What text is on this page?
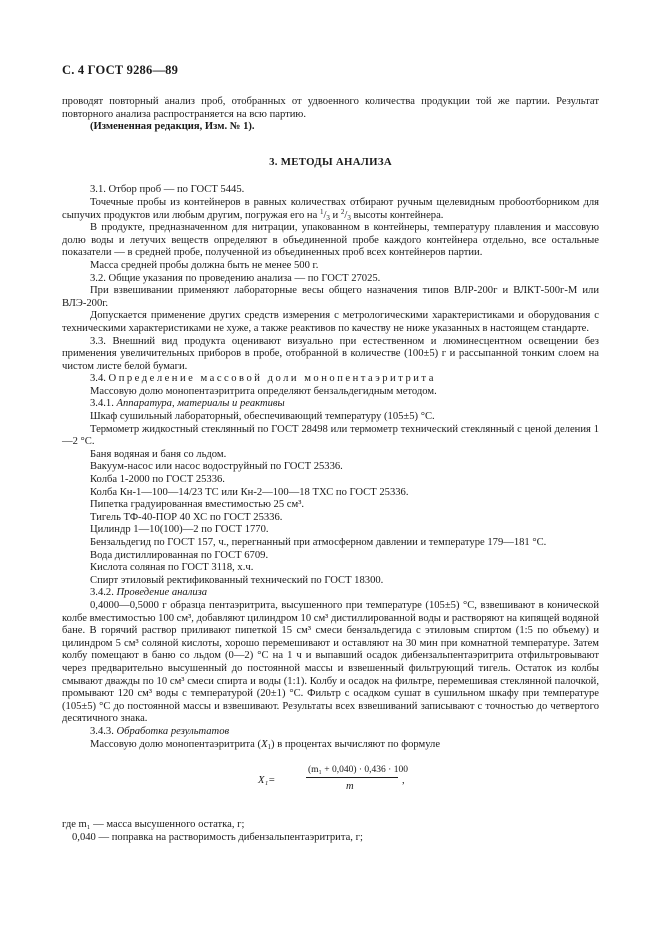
С. 4 ГОСТ 9286—89

проводят повторный анализ проб, отобранных от удвоенного количества продукции той же партии. Результат повторного анализа распространяется на всю партию.

(Измененная редакция, Изм. № 1).

3. МЕТОДЫ АНАЛИЗА

3.1. Отбор проб — по ГОСТ 5445.

Точечные пробы из контейнеров в равных количествах отбирают ручным щелевидным пробоотборником для сыпучих продуктов или любым другим, погружая его на $^1/_3$ и $^2/_3$ высоты контейнера.

В продукте, предназначенном для нитрации, упакованном в контейнеры, температуру плавления и массовую долю воды и летучих веществ определяют в объединенной пробе каждого контейнера отдельно, все остальные показатели — в средней пробе, полученной из объединенных проб всех контейнеров партии.

Масса средней пробы должна быть не менее 500 г.

3.2. Общие указания по проведению анализа — по ГОСТ 27025.

При взвешивании применяют лабораторные весы общего назначения типов ВЛР-200г и ВЛКТ-500г-М или ВЛЭ-200г.

Допускается применение других средств измерения с метрологическими характеристиками и оборудования с техническими характеристиками не хуже, а также реактивов по качеству не ниже указанных в настоящем стандарте.

3.3. Внешний вид продукта оценивают визуально при естественном и люминесцентном освещении без применения увеличительных приборов в пробе, отобранной в количестве (100±5) г и рассыпанной тонким слоем на чистом листе белой бумаги.

3.4. Определение массовой доли монопентаэритрита

Массовую долю монопентаэритрита определяют бензальдегидным методом.

3.4.1. Аппаратура, материалы и реактивы

Шкаф сушильный лабораторный, обеспечивающий температуру (105±5) °С.

Термометр жидкостный стеклянный по ГОСТ 28498 или термометр технический стеклянный с ценой деления 1—2 °С.

Баня водяная и баня со льдом.

Вакуум-насос или насос водоструйный по ГОСТ 25336.

Колба 1-2000 по ГОСТ 25336.

Колба Кн-1—100—14/23 ТС или Кн-2—100—18 ТХС по ГОСТ 25336.

Пипетка градуированная вместимостью 25 см³.

Тигель ТФ-40-ПОР 40 ХС по ГОСТ 25336.

Цилиндр 1—10(100)—2 по ГОСТ 1770.

Бензальдегид по ГОСТ 157, ч., перегнанный при атмосферном давлении и температуре 179—181 °С.

Вода дистиллированная по ГОСТ 6709.

Кислота соляная по ГОСТ 3118, х.ч.

Спирт этиловый ректификованный технический по ГОСТ 18300.

3.4.2. Проведение анализа

0,4000—0,5000 г образца пентаэритрита, высушенного при температуре (105±5) °С, взвешивают в конической колбе вместимостью 100 см³, добавляют цилиндром 10 см³ дистиллированной воды и растворяют на кипящей водяной бане. В горячий раствор приливают пипеткой 15 см³ смеси бензальдегида с этиловым спиртом (1:5 по объему) и цилиндром 5 см³ соляной кислоты, хорошо перемешивают и оставляют на 30 мин при комнатной температуре. Затем колбу помещают в баню со льдом (0—2) °С на 1 ч и выпавший осадок дибензальпентаэритрита отфильтровывают через предварительно высушенный до постоянной массы и взвешенный фильтрующий тигель. Остаток из колбы смывают дважды по 10 см³ смеси спирта и воды (1:1). Колбу и осадок на фильтре, перемешивая стеклянной палочкой, промывают 120 см³ воды с температурой (20±1) °С. Фильтр с осадком сушат в сушильном шкафу при температуре (105±5) °С до постоянной массы и взвешивают. Результаты всех взвешиваний записывают с точностью до четвертого десятичного знака.

3.4.3. Обработка результатов

Массовую долю монопентаэритрита $(X_1)$ в процентах вычисляют по формуле

X₁=
(m₁ + 0,040) · 0,436 · 100
m
,

где m₁ — масса высушенного остатка, г;

0,040 — поправка на растворимость дибензальпентаэритрита, г;
